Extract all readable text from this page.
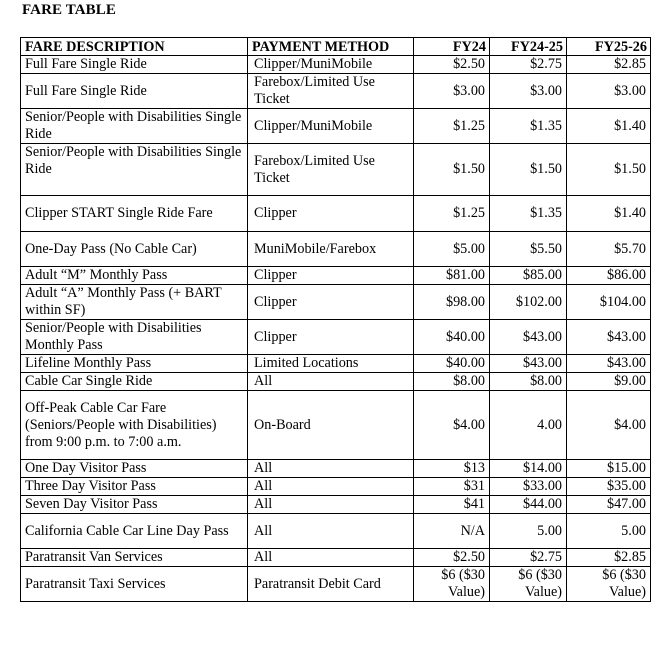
FARE TABLE
FARE DESCRIPTION	PAYMENT METHOD	FY24	FY24-25	FY25-26
Full Fare Single Ride	Clipper/MuniMobile	$2.50	$2.75	$2.85
Full Fare Single Ride	Farebox/Limited Use Ticket	$3.00	$3.00	$3.00
Senior/People with Disabilities Single Ride	Clipper/MuniMobile	$1.25	$1.35	$1.40
Senior/People with Disabilities Single Ride	Farebox/Limited Use Ticket	$1.50	$1.50	$1.50
Clipper START Single Ride Fare	Clipper	$1.25	$1.35	$1.40
One-Day Pass (No Cable Car)	MuniMobile/Farebox	$5.00	$5.50	$5.70
Adult “M” Monthly Pass	Clipper	$81.00	$85.00	$86.00
Adult “A” Monthly Pass (+ BART within SF)	Clipper	$98.00	$102.00	$104.00
Senior/People with Disabilities Monthly Pass	Clipper	$40.00	$43.00	$43.00
Lifeline Monthly Pass	Limited Locations	$40.00	$43.00	$43.00
Cable Car Single Ride	All	$8.00	$8.00	$9.00
Off-Peak Cable Car Fare (Seniors/People with Disabilities) from 9:00 p.m. to 7:00 a.m.	On-Board	$4.00	4.00	$4.00
One Day Visitor Pass	All	$13	$14.00	$15.00
Three Day Visitor Pass	All	$31	$33.00	$35.00
Seven Day Visitor Pass	All	$41	$44.00	$47.00
California Cable Car Line Day Pass	All	N/A	5.00	5.00
Paratransit Van Services	All	$2.50	$2.75	$2.85
Paratransit Taxi Services	Paratransit Debit Card	$6 ($30 Value)	$6 ($30 Value)	$6 ($30 Value)
